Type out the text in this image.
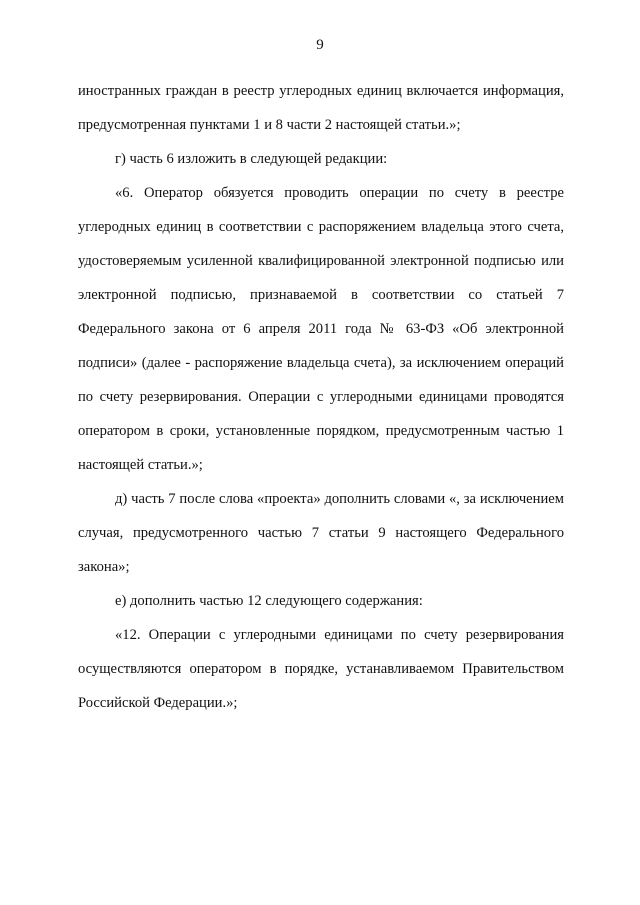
9

иностранных граждан в реестр углеродных единиц включается информация, предусмотренная пунктами 1 и 8 части 2 настоящей статьи.»;

г) часть 6 изложить в следующей редакции:

«6. Оператор обязуется проводить операции по счету в реестре углеродных единиц в соответствии с распоряжением владельца этого счета, удостоверяемым усиленной квалифицированной электронной подписью или электронной подписью, признаваемой в соответствии со статьей 7 Федерального закона от 6 апреля 2011 года № 63-ФЗ «Об электронной подписи» (далее - распоряжение владельца счета), за исключением операций по счету резервирования. Операции с углеродными единицами проводятся оператором в сроки, установленные порядком, предусмотренным частью 1 настоящей статьи.»;

д) часть 7 после слова «проекта» дополнить словами «, за исключением случая, предусмотренного частью 7 статьи 9 настоящего Федерального закона»;

е) дополнить частью 12 следующего содержания:

«12. Операции с углеродными единицами по счету резервирования осуществляются оператором в порядке, устанавливаемом Правительством Российской Федерации.»;
